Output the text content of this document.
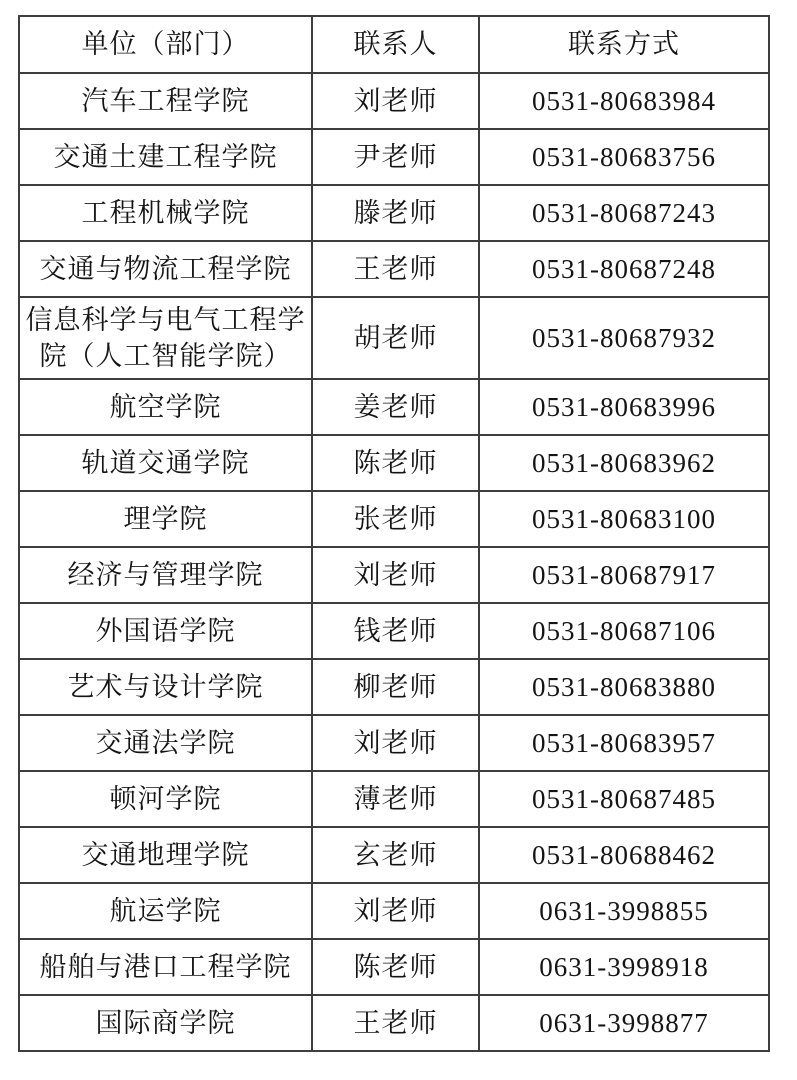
单位（部门）	联系人	联系方式
汽车工程学院	刘老师	0531-80683984
交通土建工程学院	尹老师	0531-80683756
工程机械学院	滕老师	0531-80687243
交通与物流工程学院	王老师	0531-80687248
信息科学与电气工程学院（人工智能学院）	胡老师	0531-80687932
航空学院	姜老师	0531-80683996
轨道交通学院	陈老师	0531-80683962
理学院	张老师	0531-80683100
经济与管理学院	刘老师	0531-80687917
外国语学院	钱老师	0531-80687106
艺术与设计学院	柳老师	0531-80683880
交通法学院	刘老师	0531-80683957
顿河学院	薄老师	0531-80687485
交通地理学院	玄老师	0531-80688462
航运学院	刘老师	0631-3998855
船舶与港口工程学院	陈老师	0631-3998918
国际商学院	王老师	0631-3998877
